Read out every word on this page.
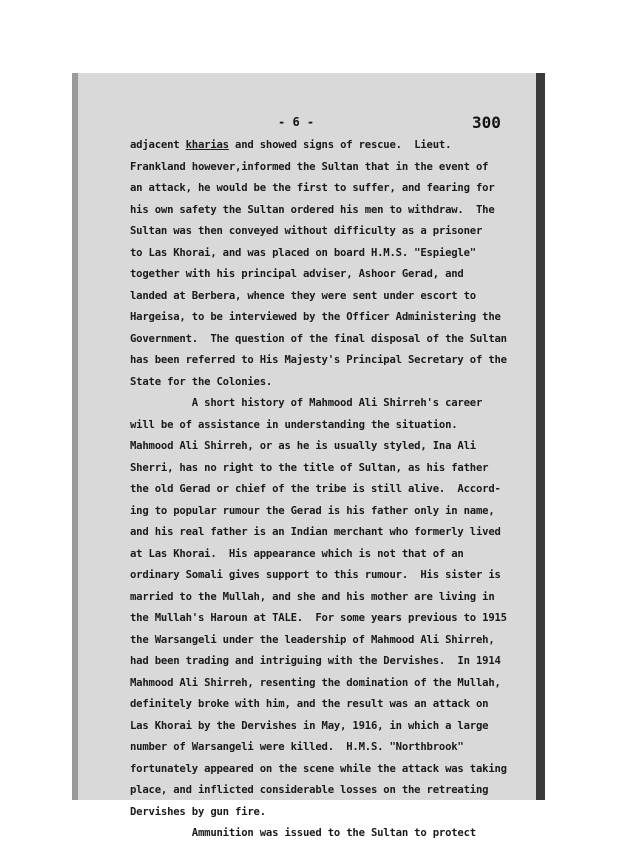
- 6 -	300
adjacent kharias and showed signs of rescue.  Lieut.
Frankland however,informed the Sultan that in the event of
an attack, he would be the first to suffer, and fearing for
his own safety the Sultan ordered his men to withdraw.  The
Sultan was then conveyed without difficulty as a prisoner
to Las Khorai, and was placed on board H.M.S. "Espiegle"
together with his principal adviser, Ashoor Gerad, and
landed at Berbera, whence they were sent under escort to
Hargeisa, to be interviewed by the Officer Administering the
Government.  The question of the final disposal of the Sultan
has been referred to His Majesty's Principal Secretary of the
State for the Colonies.
A short history of Mahmood Ali Shirreh's career
will be of assistance in understanding the situation.
Mahmood Ali Shirreh, or as he is usually styled, Ina Ali
Sherri, has no right to the title of Sultan, as his father
the old Gerad or chief of the tribe is still alive.  Accord-
ing to popular rumour the Gerad is his father only in name,
and his real father is an Indian merchant who formerly lived
at Las Khorai.  His appearance which is not that of an
ordinary Somali gives support to this rumour.  His sister is
married to the Mullah, and she and his mother are living in
the Mullah's Haroun at TALE.  For some years previous to 1915
the Warsangeli under the leadership of Mahmood Ali Shirreh,
had been trading and intriguing with the Dervishes.  In 1914
Mahmood Ali Shirreh, resenting the domination of the Mullah,
definitely broke with him, and the result was an attack on
Las Khorai by the Dervishes in May, 1916, in which a large
number of Warsangeli were killed.  H.M.S. "Northbrook"
fortunately appeared on the scene while the attack was taking
place, and inflicted considerable losses on the retreating
Dervishes by gun fire.
Ammunition was issued to the Sultan to protect
